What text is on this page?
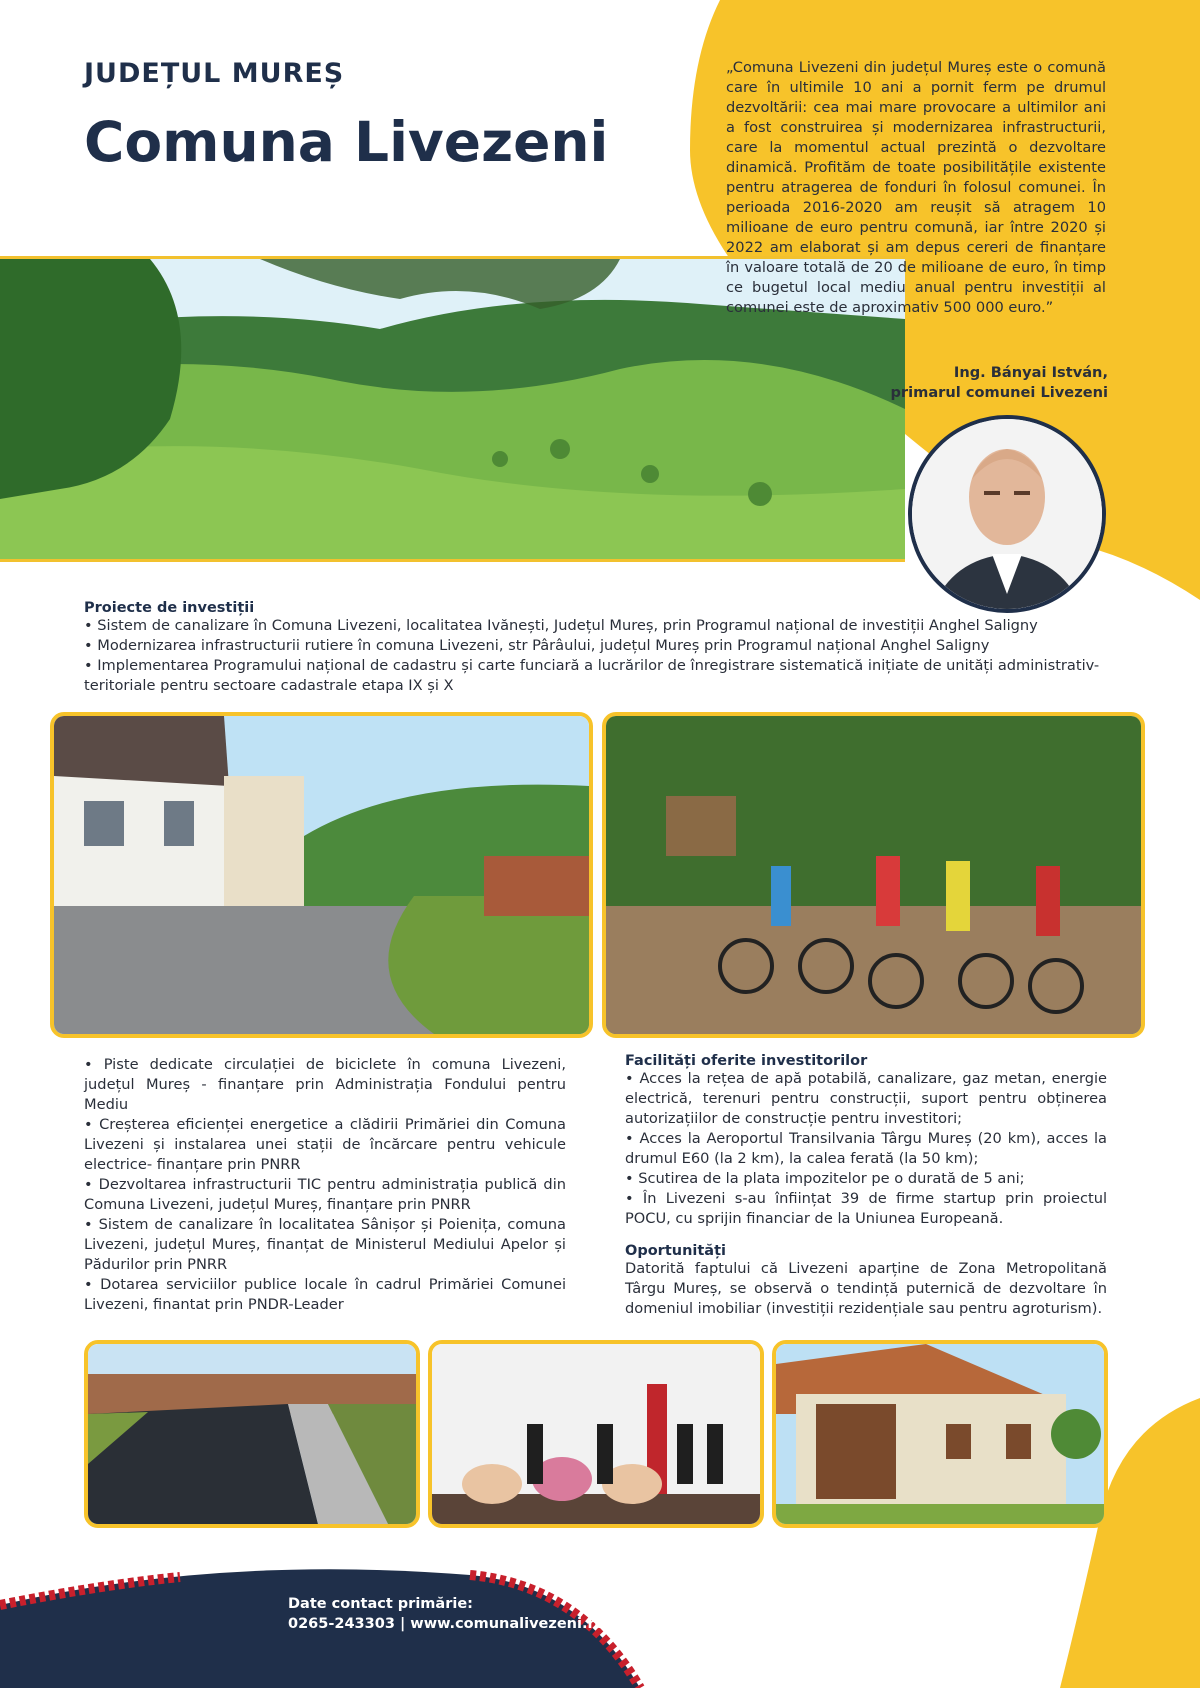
JUDEȚUL MUREȘ
Comuna Livezeni
„Comuna Livezeni din județul Mureș este o comună care în ultimile 10 ani a pornit ferm pe drumul dezvoltării: cea mai mare provocare a ultimilor ani a fost construirea și modernizarea infrastructurii, care la momentul actual prezintă o dezvoltare dinamică. Profităm de toate posibilitățile existente pentru atragerea de fonduri în folosul comunei. În perioada 2016-2020 am reușit să atragem 10 milioane de euro pentru comună, iar între 2020 și 2022 am elaborat și am depus cereri de finanțare în valoare totală de 20 de milioane de euro, în timp ce bugetul local mediu anual pentru investiții al comunei este de aproximativ 500 000 euro.”
Ing. Bányai István,
primarul comunei Livezeni
Proiecte de investiții

• Sistem de canalizare în Comuna Livezeni, localitatea Ivănești, Județul Mureș, prin Programul național de investiții Anghel Saligny

• Modernizarea infrastructurii rutiere în comuna Livezeni, str Pârâului, județul Mureș prin Programul național Anghel Saligny

• Implementarea Programului național de cadastru și carte funciară a lucrărilor de înregistrare sistematică inițiate de unități administrativ-teritoriale pentru sectoare cadastrale etapa IX și X

• Piste dedicate circulației de biciclete în comuna Livezeni, județul Mureș - finanțare prin Administrația Fondului pentru Mediu

• Creșterea eficienței energetice a clădirii Primăriei din Comuna Livezeni și instalarea unei stații de încărcare pentru vehicule electrice- finanțare prin PNRR

• Dezvoltarea infrastructurii TIC pentru administrația publică din Comuna Livezeni, județul Mureș, finanțare prin PNRR

• Sistem de canalizare în localitatea Sânișor și Poienița, comuna Livezeni, județul Mureș, finanțat de Ministerul Mediului Apelor și Pădurilor prin PNRR

• Dotarea serviciilor publice locale în cadrul Primăriei Comunei Livezeni, finantat prin PNDR-Leader

Facilități oferite investitorilor

• Acces la rețea de apă potabilă, canalizare, gaz metan, energie electrică, terenuri pentru construcții, suport pentru obținerea autorizațiilor de construcție pentru investitori;

• Acces la Aeroportul Transilvania Târgu Mureș (20 km), acces la drumul E60 (la 2 km), la calea ferată (la 50 km);

• Scutirea de la plata impozitelor pe o durată de 5 ani;

• În Livezeni s-au înființat 39 de firme startup prin proiectul POCU, cu sprijin financiar de la Uniunea Europeană.

Oportunități

Datorită faptului că Livezeni aparține de Zona Metropolitană Târgu Mureș, se observă o tendință puternică de dezvoltare în domeniul imobiliar (investiții rezidențiale sau pentru agroturism).

Date contact primărie:
0265-243303 | www.comunalivezeni.ro
